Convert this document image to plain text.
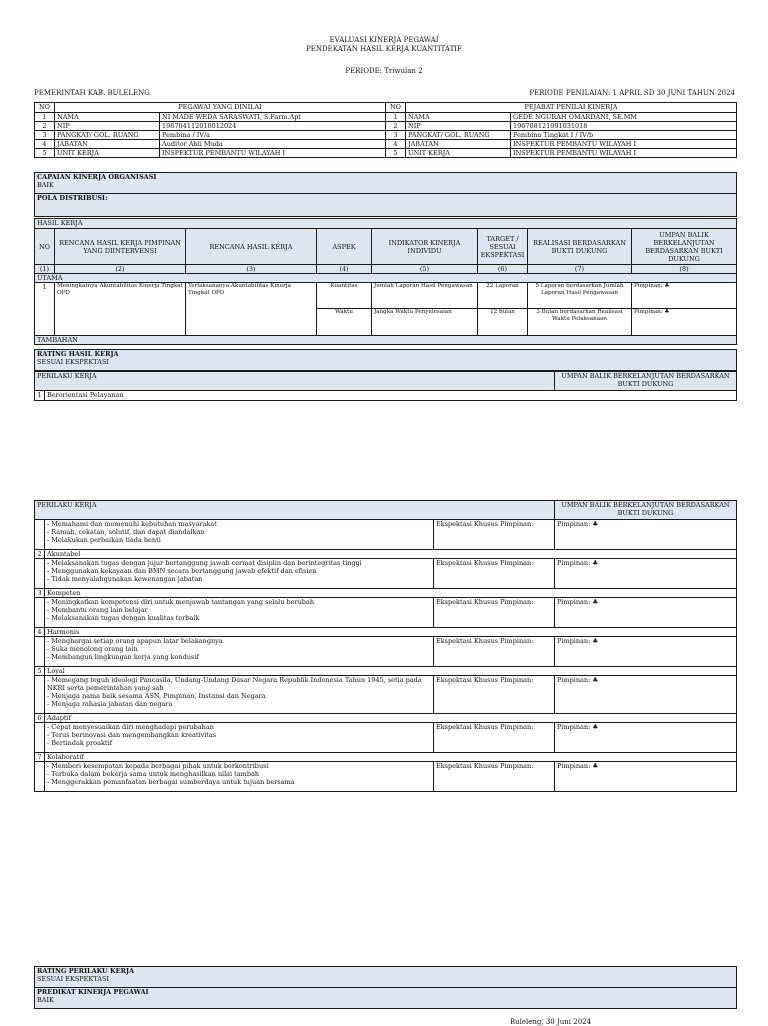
EVALUASI KINERJA PEGAWAI
PENDEKATAN HASIL KERJA KUANTITATIF
PERIODE: Triwulan 2
PEMERINTAH KAB. BULELENG	PERIODE PENILAIAN: 1 APRIL SD 30 JUNI TAHUN 2024
NO	PEGAWAI YANG DINILAI		NO	PEJABAT PENILAI KINERJA	
1	NAMA	NI MADE WEDA SARASWATI, S.Farm.Apt	1	NAMA	GEDE NGURAH OMARDANI, SE.MM
2	NIP	198704112010012024	2	NIP	196708121991031018
3	PANGKAT/ GOL. RUANG	Pembina / IV/a	3	PANGKAT/ GOL. RUANG	Pembina Tingkat I / IV/b
4	JABATAN	Auditor Ahli Muda	4	JABATAN	INSPEKTUR PEMBANTU WILAYAH I
5	UNIT KERJA	INSPEKTUR PEMBANTU WILAYAH I	5	UNIT KERJA	INSPEKTUR PEMBANTU WILAYAH I
CAPAIAN KINERJA ORGANISASI
BAIK
POLA DISTRIBUSI:
HASIL KERJA							
NO	RENCANA HASIL KERJA PIMPINAN YANG DIINTERVENSI	RENCANA HASIL KERJA	ASPEK	INDIKATOR KINERJA INDIVIDU	TARGET / SESUAI EKSPEKTASI	REALISASI BERDASARKAN BUKTI DUKUNG	UMPAN BALIK BERKELANJUTAN BERDASARKAN BUKTI DUKUNG
(1)	(2)	(3)	(4)	(5)	(6)	(7)	(8)
UTAMA							
1	Meningkatnya Akuntabilitas Kinerja Tingkat OPD	Terlaksananya Akuntabilitas Kinerja Tingkat OPD	Kuantitas	Jumlah Laporan Hasil Pengawasan	22 Laporan	5 Laporan berdasarkan Jumlah Laporan Hasil Pengawasan	Pimpinan: ♣
			Waktu	Jangka Waktu Penyelesaian	12 bulan	3 Bulan berdasarkan Realisasi Waktu Pelaksanaan	Pimpinan: ♣
TAMBAHAN							
RATING HASIL KERJA
SESUAI EKSPEKTASI
PERILAKU KERJA		UMPAN BALIK BERKELANJUTAN BERDASARKAN BUKTI DUKUNG
1	Berorientasi Pelayanan	
PERILAKU KERJA			UMPAN BALIK BERKELANJUTAN BERDASARKAN BUKTI DUKUNG

	- Memahami dan memenuhi kebutuhan masyarakat
- Ramah, cekatan, solutif, dan dapat diandalkan
- Melakukan perbaikan tiada henti	Ekspektasi Khusus Pimpinan:	Pimpinan: ♣
2	Akuntabel		

	- Melaksanakan tugas dengan jujur bertanggung jawab cermat disiplin dan berintegritas tinggi
- Menggunakan kekayaan dan BMN secara bertanggung jawab efektif dan efisien
- Tidak menyalahgunakan kewenangan jabatan	Ekspektasi Khusus Pimpinan:	Pimpinan: ♣
3	Kompeten		

	- Meningkatkan kompetensi diri untuk menjawab tantangan yang selalu berubah
- Membantu orang lain belajar
- Melaksanakan tugas dengan kualitas terbaik	Ekspektasi Khusus Pimpinan:	Pimpinan: ♣
4	Harmonis		

	- Menghargai setiap orang apapun latar belakangnya
- Suka menolong orang lain
- Membangun lingkungan kerja yang kondusif	Ekspektasi Khusus Pimpinan:	Pimpinan: ♣
5	Loyal		

	- Memegang teguh ideologi Pancasila, Undang-Undang Dasar Negara Republik Indonesia Tahun 1945, setia pada NKRI serta pemerintahan yang sah
- Menjaga nama baik sesama ASN, Pimpinan, Instansi dan Negara
- Menjaga rahasia jabatan dan negara	Ekspektasi Khusus Pimpinan:	Pimpinan: ♣
6	Adaptif		

	- Cepat menyesuaikan diri menghadapi perubahan
- Terus berinovasi dan mengembangkan kreativitas
- Bertindak proaktif	Ekspektasi Khusus Pimpinan:	Pimpinan: ♣
7	Kolaboratif		

	- Memberi kesempatan kepada berbagai pihak untuk berkontribusi
- Terbuka dalam bekerja sama untuk menghasilkan nilai tambah
- Menggerakkan pemanfaatan berbagai sumberdaya untuk tujuan bersama	Ekspektasi Khusus Pimpinan:	Pimpinan: ♣
RATING PERILAKU KERJA
SESUAI EKSPEKTASI
PREDIKAT KINERJA PEGAWAI
BAIK
Buleleng, 30 Juni 2024
